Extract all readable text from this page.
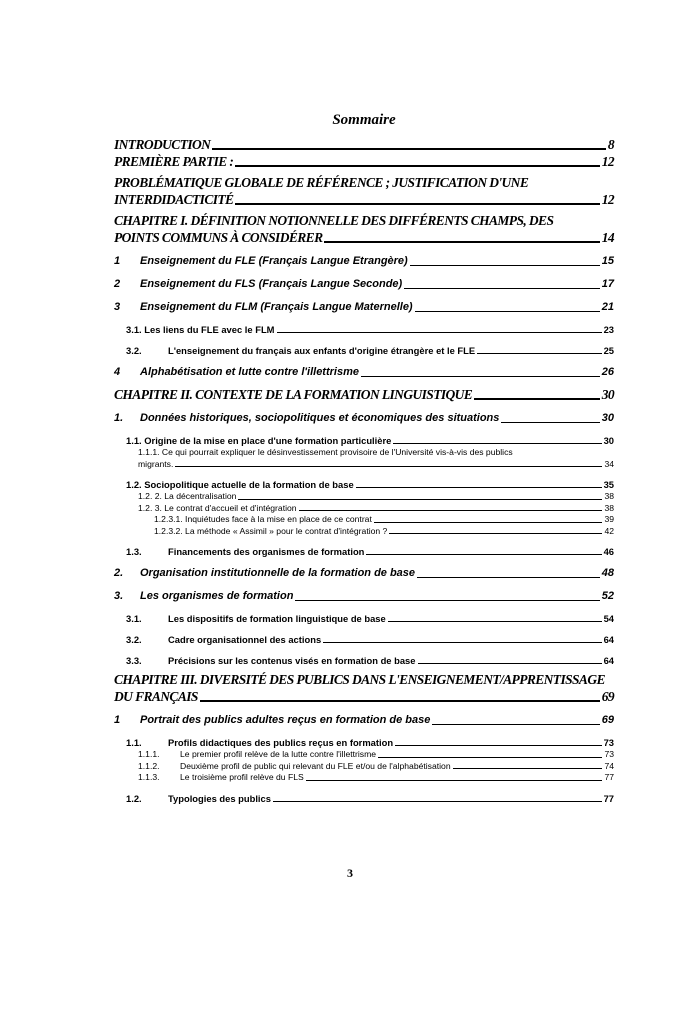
Sommaire
INTRODUCTION	8
PREMIÈRE PARTIE :	12
PROBLÉMATIQUE GLOBALE DE RÉFÉRENCE ; JUSTIFICATION D'UNE
INTERDIDACTICITÉ	12
CHAPITRE I. DÉFINITION NOTIONNELLE DES DIFFÉRENTS CHAMPS, DES
POINTS COMMUNS À CONSIDÉRER	14
1 Enseignement du FLE (Français Langue Etrangère)	15
2 Enseignement du FLS (Français Langue Seconde)	17
3 Enseignement du FLM (Français Langue Maternelle)	21
3.1. Les liens du FLE avec le FLM	23
3.2.	L'enseignement du français aux enfants d'origine étrangère et le FLE	25
4 Alphabétisation et lutte contre l'illettrisme	26
CHAPITRE II. CONTEXTE DE LA FORMATION LINGUISTIQUE	30
1. Données historiques, sociopolitiques et économiques des situations	30
1.1. Origine de la mise en place d'une formation particulière	30
1.1.1. Ce qui pourrait expliquer le désinvestissement provisoire de l'Université vis-à-vis des publics
migrants.	34
1.2. Sociopolitique actuelle de la formation de base	35
1.2. 2. La décentralisation	38
1.2. 3. Le contrat d'accueil et d'intégration	38
1.2.3.1. Inquiétudes face à la mise en place de ce contrat	39
1.2.3.2. La méthode « Assimil » pour le contrat d'intégration ?	42
1.3.	Financements des organismes de formation	46
2. Organisation institutionnelle de la formation de base	48
3. Les organismes de formation	52
3.1.	Les dispositifs de formation linguistique de base	54
3.2.	Cadre organisationnel des actions	64
3.3.	Précisions sur les contenus visés en formation de base	64
CHAPITRE III. DIVERSITÉ DES PUBLICS DANS L'ENSEIGNEMENT/APPRENTISSAGE
DU FRANÇAIS	69
1 Portrait des publics adultes reçus en formation de base	69
1.1.	Profils didactiques des publics reçus en formation	73
1.1.1. Le premier profil relève de la lutte contre l'illettrisme	73
1.1.2. Deuxième profil de public qui relevant du FLE et/ou de l'alphabétisation	74
1.1.3. Le troisième profil relève du FLS	77
1.2.	Typologies des publics	77
3
